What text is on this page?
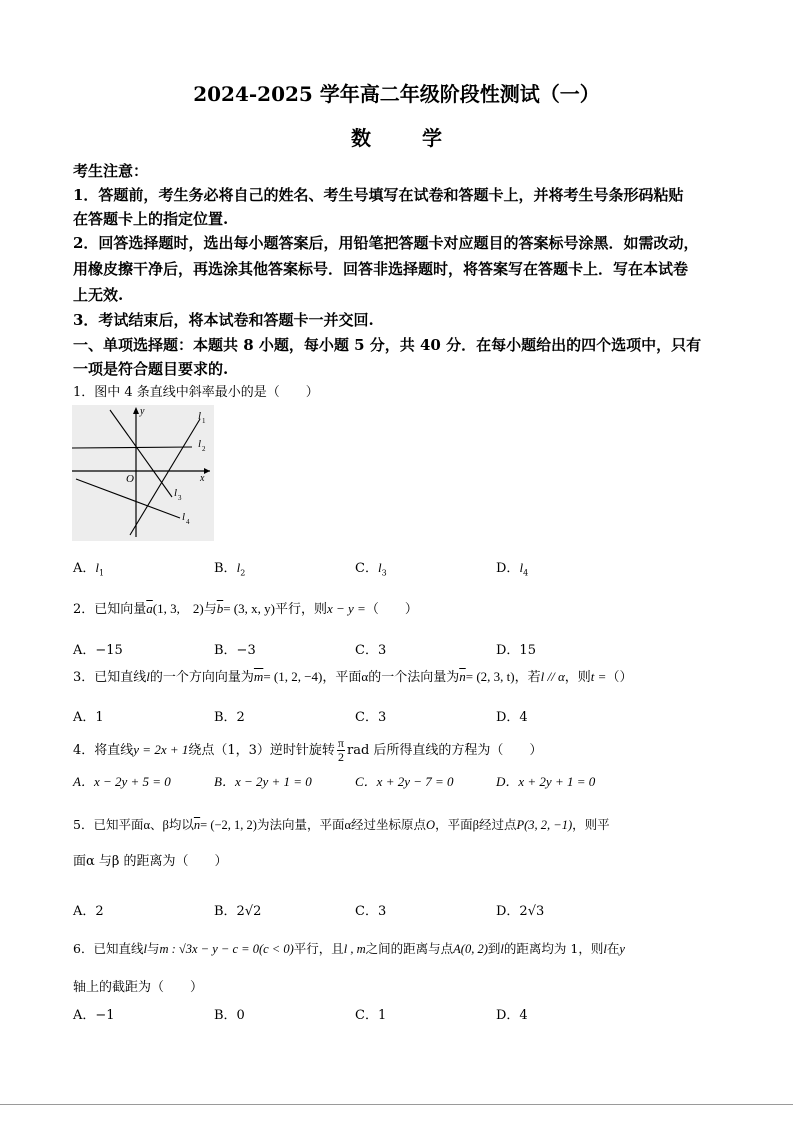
2024-2025 学年高二年级阶段性测试（一）
数 学
考生注意：
1．答题前，考生务必将自己的姓名、考生号填写在试卷和答题卡上，并将考生号条形码粘贴
在答题卡上的指定位置.
2．回答选择题时，选出每小题答案后，用铅笔把答题卡对应题目的答案标号涂黑．如需改动，
用橡皮擦干净后，再选涂其他答案标号．回答非选择题时，将答案写在答题卡上．写在本试卷
上无效.
3．考试结束后，将本试卷和答题卡一并交回.
一、单项选择题：本题共 8 小题，每小题 5 分，共 40 分．在每小题给出的四个选项中，只有
一项是符合题目要求的.
1．图中 4 条直线中斜率最小的是（　　）
y
x
O
l 1
l 2
l 3
l 4
A．$l_1$	B．$l_2$	C．$l_3$	D．$l_4$
2．已知向量$\overline{a}(1$, 3,　2)与$\overline{b}= (3$, x, y)平行，则x − y =（　　）
A．−15	B．−3	C．3	D．15
3．已知直线l的一个方向向量为$\overline{m}= (1$, 2, −4)，平面α的一个法向量为$\overline{n}= (2$, 3, t)，若l // α，则t =（）
A．1	B．2	C．3	D．4
4．将直线y = 2x + 1绕点（1，3）逆时针旋转 $\frac{\pi}{2}$ rad 后所得直线的方程为（　　）
A．x − 2y + 5 = 0	B．x − 2y + 1 = 0	C．x + 2y − 7 = 0	D．x + 2y + 1 = 0
5．已知平面α、β均以$\overline{n}= (-2$, 1, 2)为法向量，平面α经过坐标原点O，平面β经过点P(3, 2, −1)，则平
面α 与β 的距离为（　　）
A．2	B．2√2	C．3	D．2√3
6．已知直线l与m : √3x − y − c = 0(c < 0)平行，且l , m之间的距离与点A(0, 2)到l的距离均为 1，则l在y
轴上的截距为（　　）
A．−1	B．0	C．1	D．4
